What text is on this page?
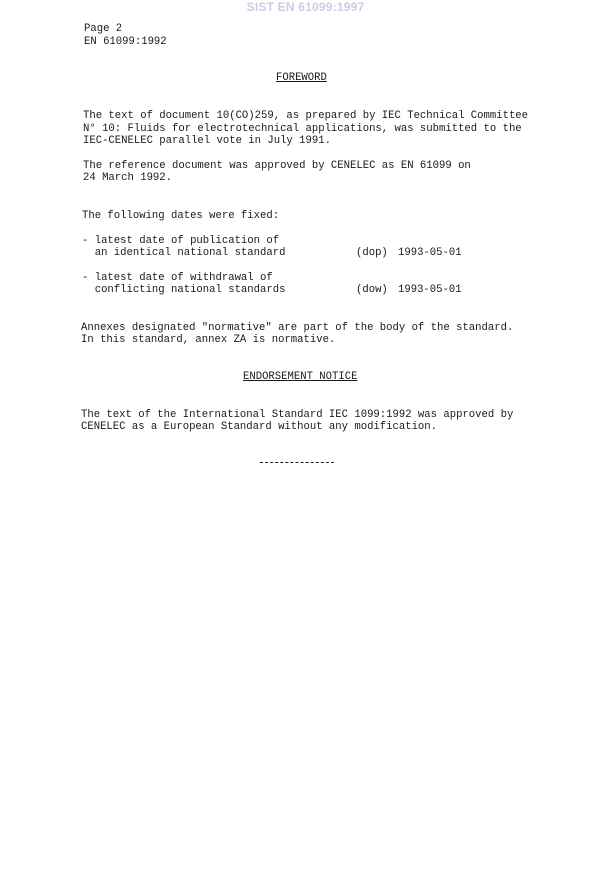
SIST EN 61099:1997
Page 2
EN 61099:1992
FOREWORD
The text of document 10(CO)259, as prepared by IEC Technical Committee
N° 10: Fluids for electrotechnical applications, was submitted to the
IEC-CENELEC parallel vote in July 1991.
The reference document was approved by CENELEC as EN 61099 on
24 March 1992.
The following dates were fixed:
- latest date of publication of
an identical national standard	(dop) 1993-05-01
- latest date of withdrawal of
conflicting national standards	(dow) 1993-05-01
Annexes designated "normative" are part of the body of the standard.
In this standard, annex ZA is normative.
ENDORSEMENT NOTICE
The text of the International Standard IEC 1099:1992 was approved by
CENELEC as a European Standard without any modification.
